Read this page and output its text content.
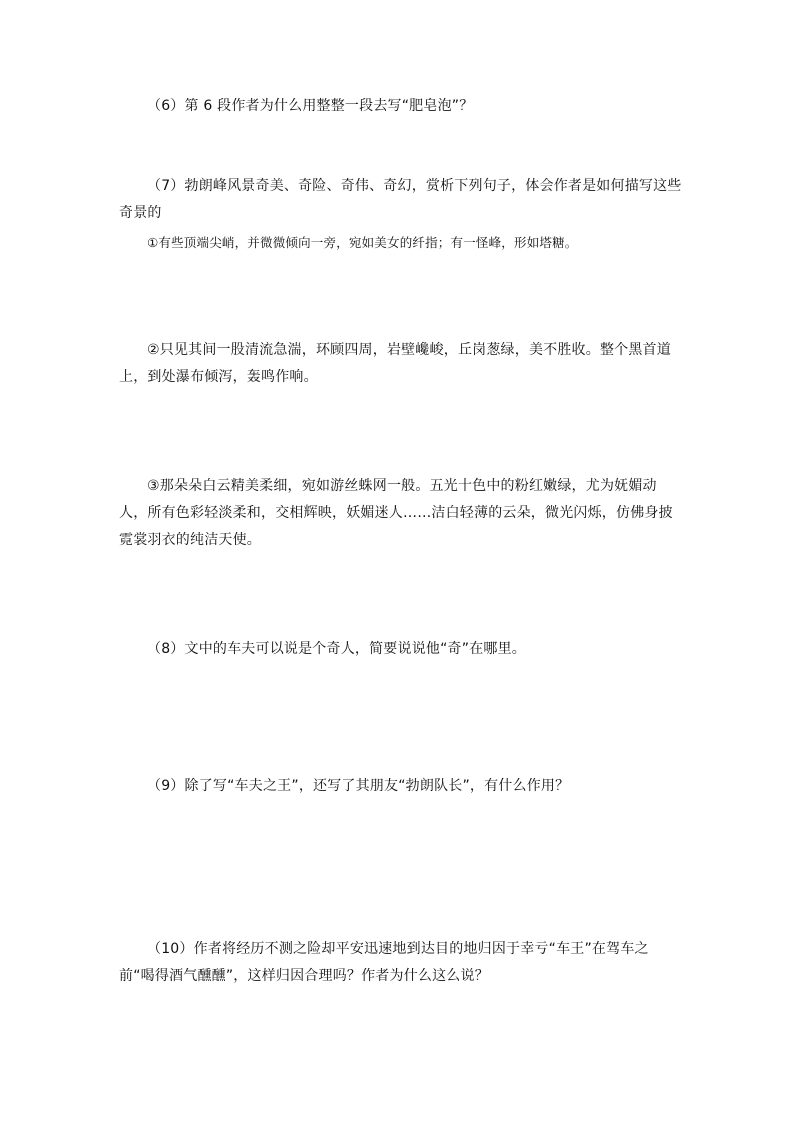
（6）第 6 段作者为什么用整整一段去写“肥皂泡”？

（7）勃朗峰风景奇美、奇险、奇伟、奇幻，赏析下列句子，体会作者是如何描写这些奇景的

①有些顶端尖峭，并微微倾向一旁，宛如美女的纤指；有一怪峰，形如塔糖。

②只见其间一股清流急湍，环顾四周，岩壁巉峻，丘岗葱绿，美不胜收。整个黑首道上，到处瀑布倾泻，轰鸣作响。

③那朵朵白云精美柔细，宛如游丝蛛网一般。五光十色中的粉红嫩绿，尤为妩媚动人，所有色彩轻淡柔和，交相辉映，妖媚迷人……洁白轻薄的云朵，微光闪烁，仿佛身披霓裳羽衣的纯洁天使。

（8）文中的车夫可以说是个奇人，简要说说他“奇”在哪里。

（9）除了写“车夫之王”，还写了其朋友“勃朗队长”，有什么作用？

（10）作者将经历不测之险却平安迅速地到达目的地归因于幸亏“车王”在驾车之前“喝得酒气醺醺”，这样归因合理吗？作者为什么这么说？
